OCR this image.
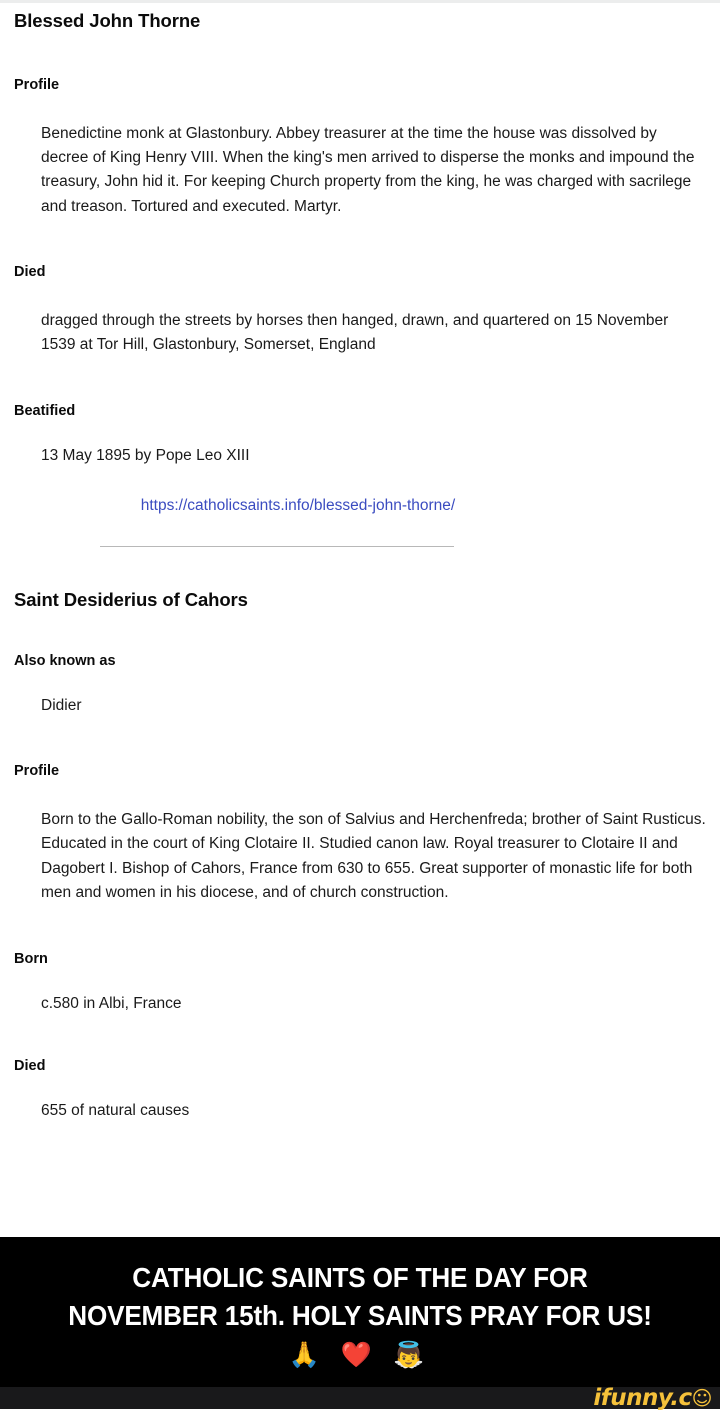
Blessed John Thorne
Profile

Benedictine monk at Glastonbury. Abbey treasurer at the time the house was dissolved by decree of King Henry VIII. When the king's men arrived to disperse the monks and impound the treasury, John hid it. For keeping Church property from the king, he was charged with sacrilege and treason. Tortured and executed. Martyr.

Died

dragged through the streets by horses then hanged, drawn, and quartered on 15 November 1539 at Tor Hill, Glastonbury, Somerset, England

Beatified

13 May 1895 by Pope Leo XIII

https://catholicsaints.info/blessed-john-thorne/
Saint Desiderius of Cahors
Also known as

Didier

Profile

Born to the Gallo-Roman nobility, the son of Salvius and Herchenfreda; brother of Saint Rusticus. Educated in the court of King Clotaire II. Studied canon law. Royal treasurer to Clotaire II and Dagobert I. Bishop of Cahors, France from 630 to 655. Great supporter of monastic life for both men and women in his diocese, and of church construction.

Born

c.580 in Albi, France

Died

655 of natural causes

CATHOLIC SAINTS OF THE DAY FOR
NOVEMBER 15th. HOLY SAINTS PRAY FOR US!
🙏 ❤️ 👼
ifunny.c☺
